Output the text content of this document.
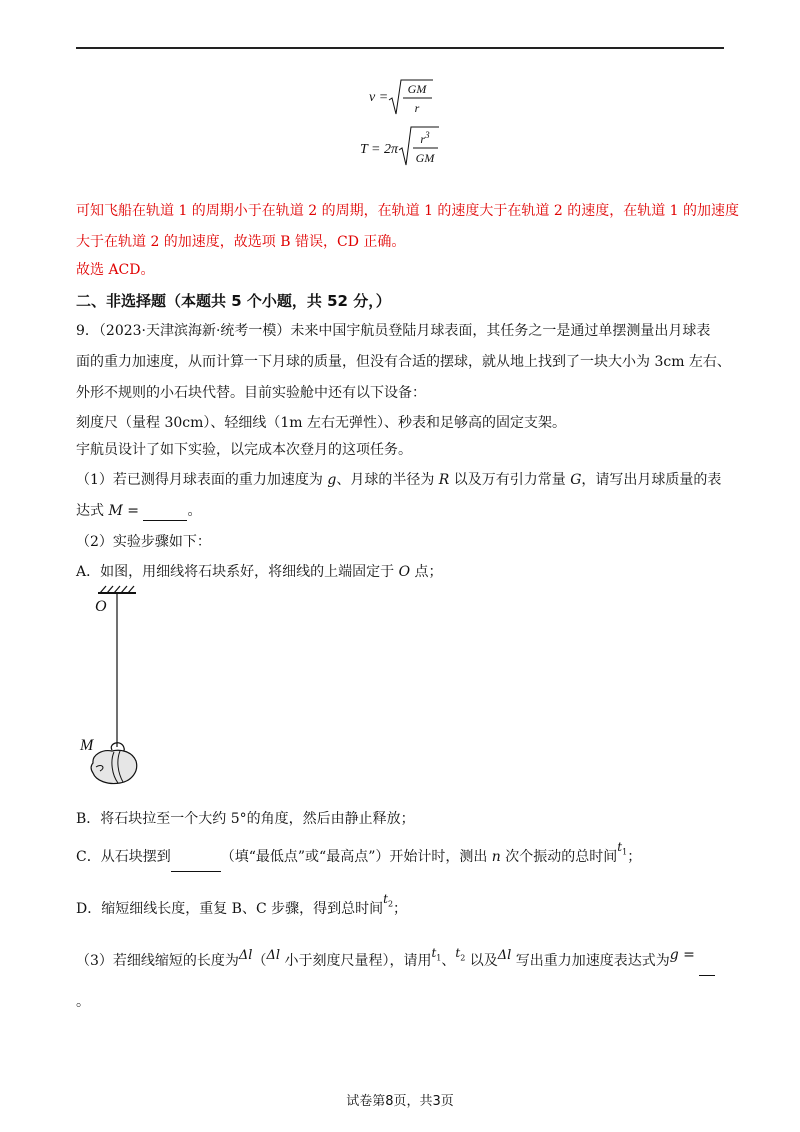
v =
GM
r
T = 2π
$r^3$
GM
可知飞船在轨道 1 的周期小于在轨道 2 的周期，在轨道 1 的速度大于在轨道 2 的速度，在轨道 1 的加速度
大于在轨道 2 的加速度，故选项 B 错误，CD 正确。
故选 ACD。
二、非选择题（本题共 5 个小题，共 52 分，）
9．（2023·天津滨海新·统考一模）未来中国宇航员登陆月球表面，其任务之一是通过单摆测量出月球表
面的重力加速度，从而计算一下月球的质量，但没有合适的摆球，就从地上找到了一块大小为 3cm 左右、
外形不规则的小石块代替。目前实验舱中还有以下设备：
刻度尺（量程 30cm）、轻细线（1m 左右无弹性）、秒表和足够高的固定支架。
宇航员设计了如下实验，以完成本次登月的这项任务。
（1）若已测得月球表面的重力加速度为 g、月球的半径为 R 以及万有引力常量 G，请写出月球质量的表
达式 M =	。
（2）实验步骤如下：
A．如图，用细线将石块系好，将细线的上端固定于 O 点；
O
M
B．将石块拉至一个大约 5°的角度，然后由静止释放；
C．从石块摆到	（填“最低点”或“最高点”）开始计时，测出 n 次个振动的总时间$t_1$；
D．缩短细线长度，重复 B、C 步骤，得到总时间$t_2$；
（3）若细线缩短的长度为Δl（Δl 小于刻度尺量程），请用$t_1$、$t_2$ 以及Δl 写出重力加速度表达式为g =
。
试卷第8页，共3页
